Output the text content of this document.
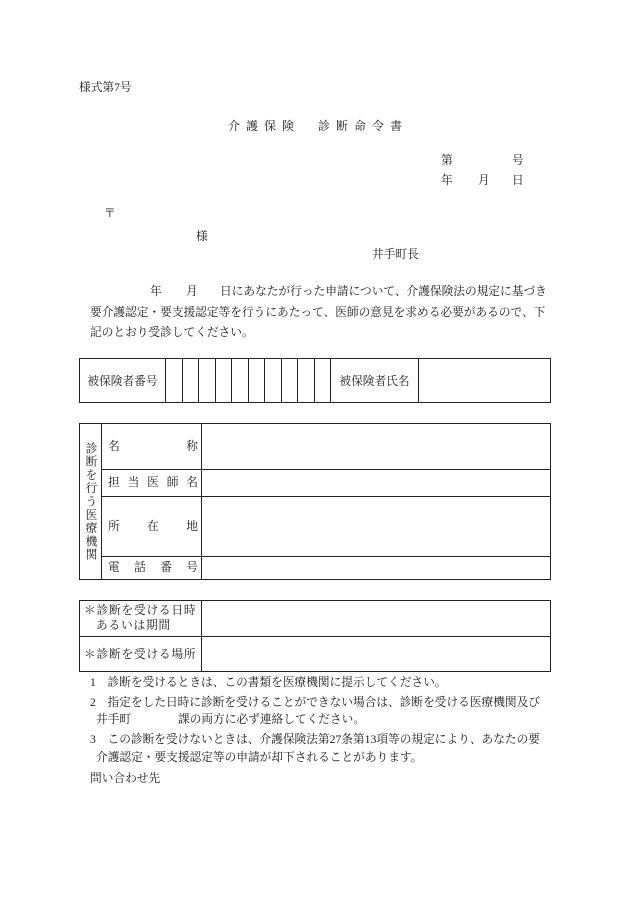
様式第7号
介護保険 診断命令書
第	号
年 月 日
〒
様
井手町長
年 月 日にあなたが行った申請について、介護保険法の規定に基づき
要介護認定・要支援認定等を行うにあたって、医師の意見を求める必要があるので、下
記のとおり受診してください。
被保険者番号	被保険者氏名
診断を行う医療機関 名称
担当医師名
所在地
電話番号
＊診断を受ける日時
あるいは期間
＊診断を受ける場所
1　診断を受けるときは、この書類を医療機関に提示してください。
2　指定をした日時に診断を受けることができない場合は、診断を受ける医療機関及び
井手町	課の両方に必ず連絡してください。
3　この診断を受けないときは、介護保険法第27条第13項等の規定により、あなたの要
介護認定・要支援認定等の申請が却下されることがあります。
問い合わせ先
